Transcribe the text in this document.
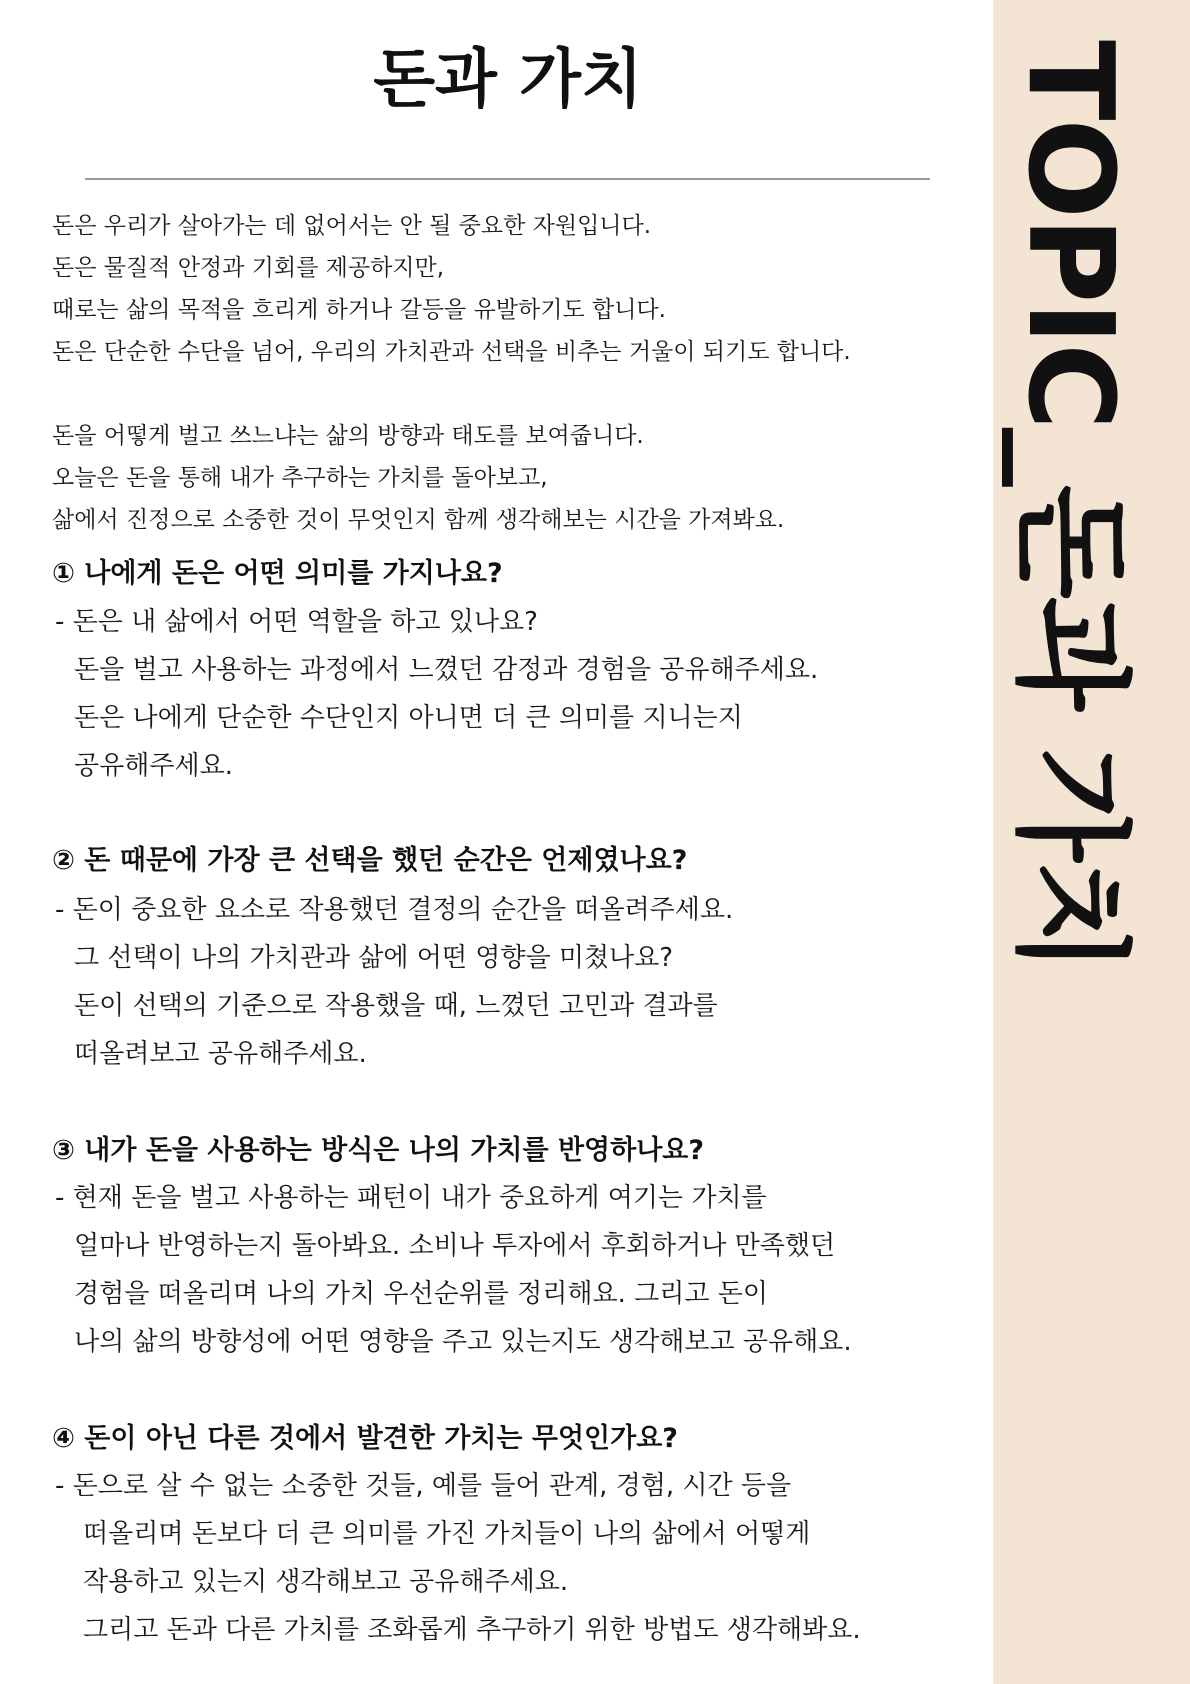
TOPIC_돈과 가치
돈과 가치

돈은 우리가 살아가는 데 없어서는 안 될 중요한 자원입니다.

돈은 물질적 안정과 기회를 제공하지만,

때로는 삶의 목적을 흐리게 하거나 갈등을 유발하기도 합니다.

돈은 단순한 수단을 넘어, 우리의 가치관과 선택을 비추는 거울이 되기도 합니다.

돈을 어떻게 벌고 쓰느냐는 삶의 방향과 태도를 보여줍니다.

오늘은 돈을 통해 내가 추구하는 가치를 돌아보고,

삶에서 진정으로 소중한 것이 무엇인지 함께 생각해보는 시간을 가져봐요.

① 나에게 돈은 어떤 의미를 가지나요?

- 돈은 내 삶에서 어떤 역할을 하고 있나요?

돈을 벌고 사용하는 과정에서 느꼈던 감정과 경험을 공유해주세요.

돈은 나에게 단순한 수단인지 아니면 더 큰 의미를 지니는지

공유해주세요.

② 돈 때문에 가장 큰 선택을 했던 순간은 언제였나요?

- 돈이 중요한 요소로 작용했던 결정의 순간을 떠올려주세요.

그 선택이 나의 가치관과 삶에 어떤 영향을 미쳤나요?

돈이 선택의 기준으로 작용했을 때, 느꼈던 고민과 결과를

떠올려보고 공유해주세요.

③ 내가 돈을 사용하는 방식은 나의 가치를 반영하나요?

- 현재 돈을 벌고 사용하는 패턴이 내가 중요하게 여기는 가치를

얼마나 반영하는지 돌아봐요. 소비나 투자에서 후회하거나 만족했던

경험을 떠올리며 나의 가치 우선순위를 정리해요. 그리고 돈이

나의 삶의 방향성에 어떤 영향을 주고 있는지도 생각해보고 공유해요.

④ 돈이 아닌 다른 것에서 발견한 가치는 무엇인가요?

- 돈으로 살 수 없는 소중한 것들, 예를 들어 관계, 경험, 시간 등을

떠올리며 돈보다 더 큰 의미를 가진 가치들이 나의 삶에서 어떻게

작용하고 있는지 생각해보고 공유해주세요.

그리고 돈과 다른 가치를 조화롭게 추구하기 위한 방법도 생각해봐요.
